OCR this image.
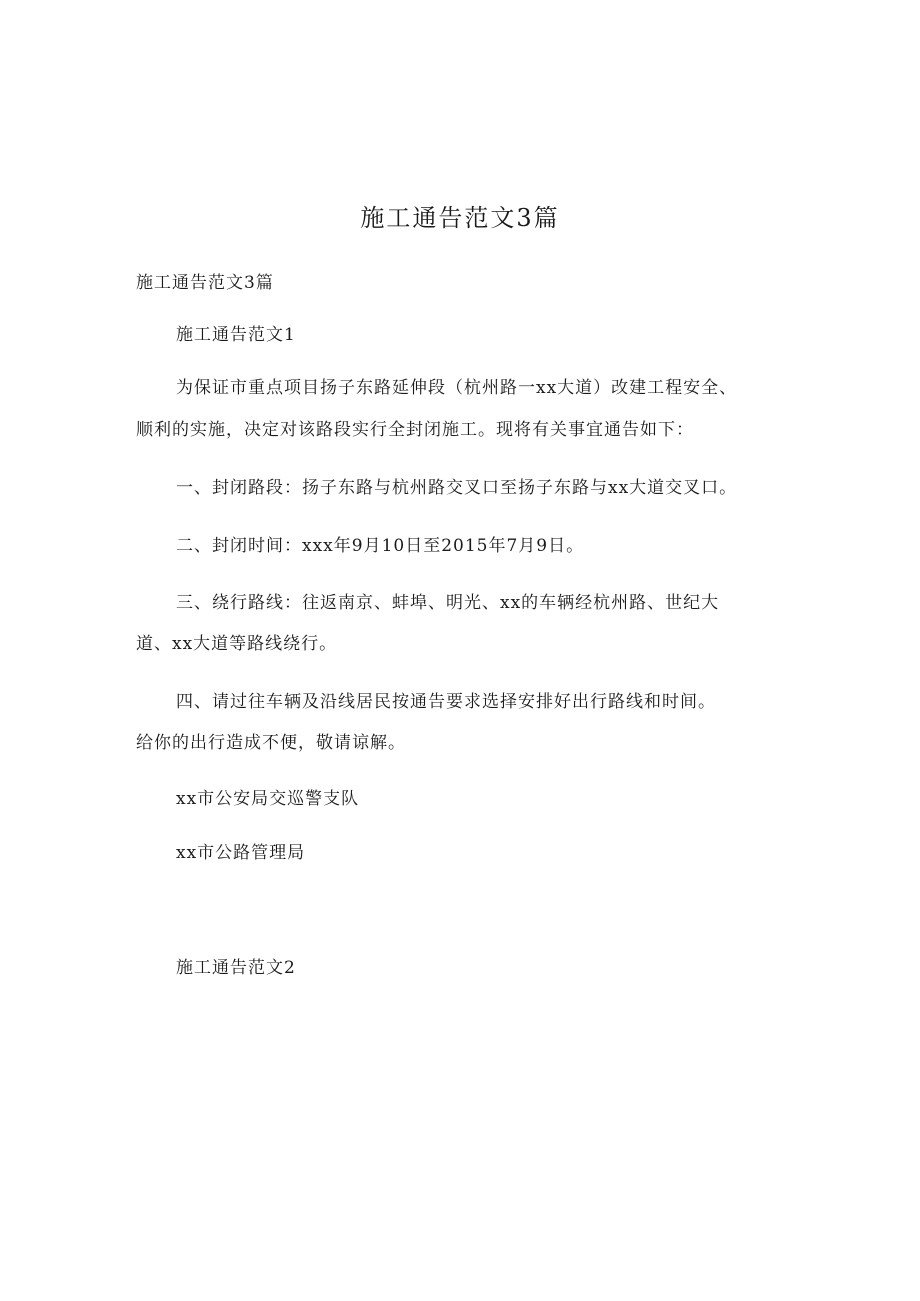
施工通告范文3篇

施工通告范文3篇

施工通告范文1

为保证市重点项目扬子东路延伸段（杭州路一xx大道）改建工程安全、

顺利的实施，决定对该路段实行全封闭施工。现将有关事宜通告如下：

一、封闭路段：扬子东路与杭州路交叉口至扬子东路与xx大道交叉口。

二、封闭时间：xxx年9月10日至2015年7月9日。

三、绕行路线：往返南京、蚌埠、明光、xx的车辆经杭州路、世纪大

道、xx大道等路线绕行。

四、请过往车辆及沿线居民按通告要求选择安排好出行路线和时间。

给你的出行造成不便，敬请谅解。

xx市公安局交巡警支队

xx市公路管理局

施工通告范文2
